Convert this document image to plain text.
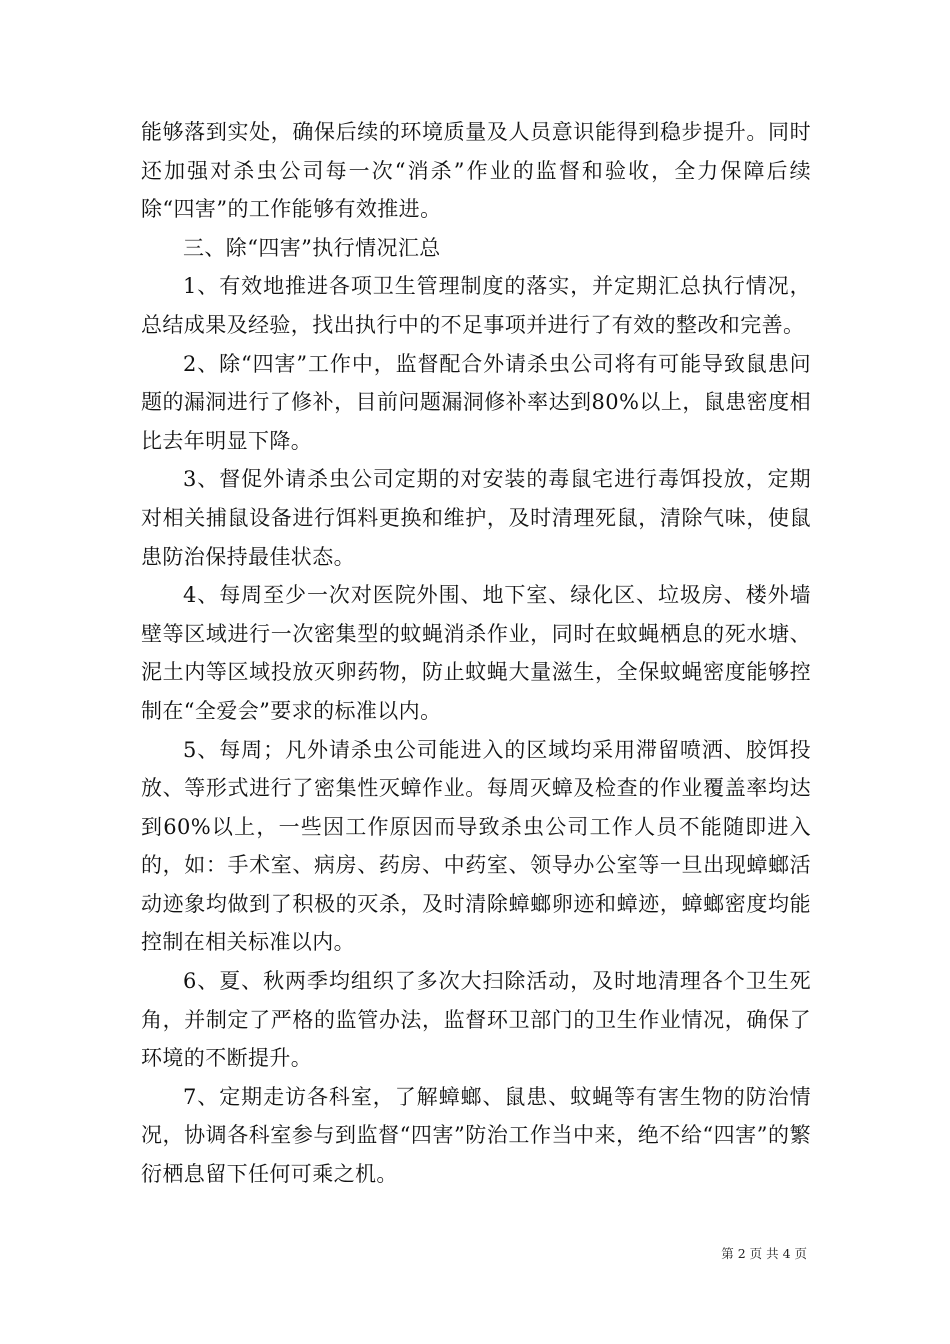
能够落到实处，确保后续的环境质量及人员意识能得到稳步提升。同时还加强对杀虫公司每一次“消杀”作业的监督和验收，全力保障后续除“四害”的工作能够有效推进。

三、除“四害”执行情况汇总

1、有效地推进各项卫生管理制度的落实，并定期汇总执行情况，总结成果及经验，找出执行中的不足事项并进行了有效的整改和完善。

2、除“四害”工作中，监督配合外请杀虫公司将有可能导致鼠患问题的漏洞进行了修补，目前问题漏洞修补率达到80%以上，鼠患密度相比去年明显下降。

3、督促外请杀虫公司定期的对安装的毒鼠宅进行毒饵投放，定期对相关捕鼠设备进行饵料更换和维护，及时清理死鼠，清除气味，使鼠患防治保持最佳状态。

4、每周至少一次对医院外围、地下室、绿化区、垃圾房、楼外墙壁等区域进行一次密集型的蚊蝇消杀作业，同时在蚊蝇栖息的死水塘、泥土内等区域投放灭卵药物，防止蚊蝇大量滋生，全保蚊蝇密度能够控制在“全爱会”要求的标准以内。

5、每周；凡外请杀虫公司能进入的区域均采用滞留喷洒、胶饵投放、等形式进行了密集性灭蟑作业。每周灭蟑及检查的作业覆盖率均达到60%以上，一些因工作原因而导致杀虫公司工作人员不能随即进入的，如：手术室、病房、药房、中药室、领导办公室等一旦出现蟑螂活动迹象均做到了积极的灭杀，及时清除蟑螂卵迹和蟑迹，蟑螂密度均能控制在相关标准以内。

6、夏、秋两季均组织了多次大扫除活动，及时地清理各个卫生死角，并制定了严格的监管办法，监督环卫部门的卫生作业情况，确保了环境的不断提升。

7、定期走访各科室，了解蟑螂、鼠患、蚊蝇等有害生物的防治情况，协调各科室参与到监督“四害”防治工作当中来，绝不给“四害”的繁衍栖息留下任何可乘之机。

第 2 页 共 4 页
